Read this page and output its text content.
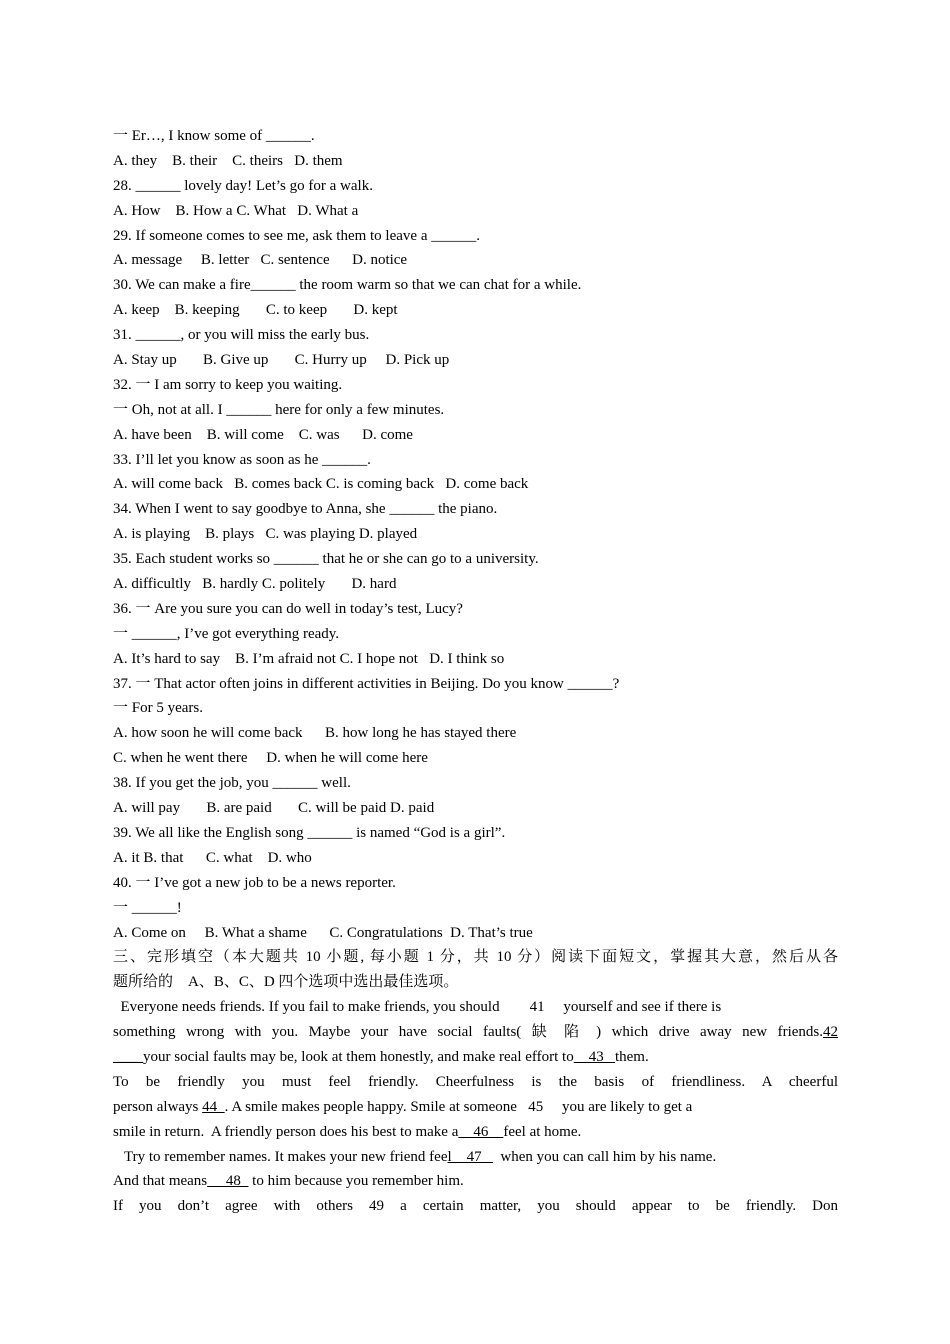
一 Er…, I know some of ______.
A. they    B. their    C. theirs   D. them
28. ______ lovely day! Let’s go for a walk.
A. How    B. How a C. What   D. What a
29. If someone comes to see me, ask them to leave a ______.
A. message     B. letter   C. sentence      D. notice
30. We can make a fire______ the room warm so that we can chat for a while.
A. keep    B. keeping       C. to keep       D. kept
31. ______, or you will miss the early bus.
A. Stay up       B. Give up       C. Hurry up     D. Pick up
32. 一 I am sorry to keep you waiting.
一 Oh, not at all. I ______ here for only a few minutes.
A. have been    B. will come    C. was      D. come
33. I’ll let you know as soon as he ______.
A. will come back   B. comes back C. is coming back   D. come back
34. When I went to say goodbye to Anna, she ______ the piano.
A. is playing    B. plays   C. was playing D. played
35. Each student works so ______ that he or she can go to a university.
A. difficultly   B. hardly C. politely       D. hard
36. 一 Are you sure you can do well in today’s test, Lucy?
一 ______, I’ve got everything ready.
A. It’s hard to say    B. I’m afraid not C. I hope not   D. I think so
37. 一 That actor often joins in different activities in Beijing. Do you know ______?
一 For 5 years.
A. how soon he will come back      B. how long he has stayed there
C. when he went there     D. when he will come here
38. If you get the job, you ______ well.
A. will pay       B. are paid       C. will be paid D. paid
39. We all like the English song ______ is named “God is a girl”.
A. it B. that      C. what    D. who
40. 一 I’ve got a new job to be a news reporter.
一 ______!
A. Come on     B. What a shame      C. Congratulations  D. That’s true
三、完形填空（本大题共 10 小题, 每小题 1 分，共 10 分）阅读下面短文，掌握其大意，然后从各
题所给的    A、B、C、D 四个选项中选出最佳选项。
Everyone needs friends. If you fail to make friends, you should        41     yourself and see if there is
something wrong with you. Maybe your have social faults( 缺 陷 ) which drive away new friends.42
____your social faults may be, look at them honestly, and make real effort to    43   them.
To be friendly you must feel friendly. Cheerfulness is the basis of friendliness. A cheerful
person always 44  . A smile makes people happy. Smile at someone   45     you are likely to get a
smile in return.  A friendly person does his best to make a    46    feel at home.
Try to remember names. It makes your new friend feel    47     when you can call him by his name.
And that means     48   to him because you remember him.
If you don’t agree with others 49 a certain matter, you should appear to be friendly. Don
